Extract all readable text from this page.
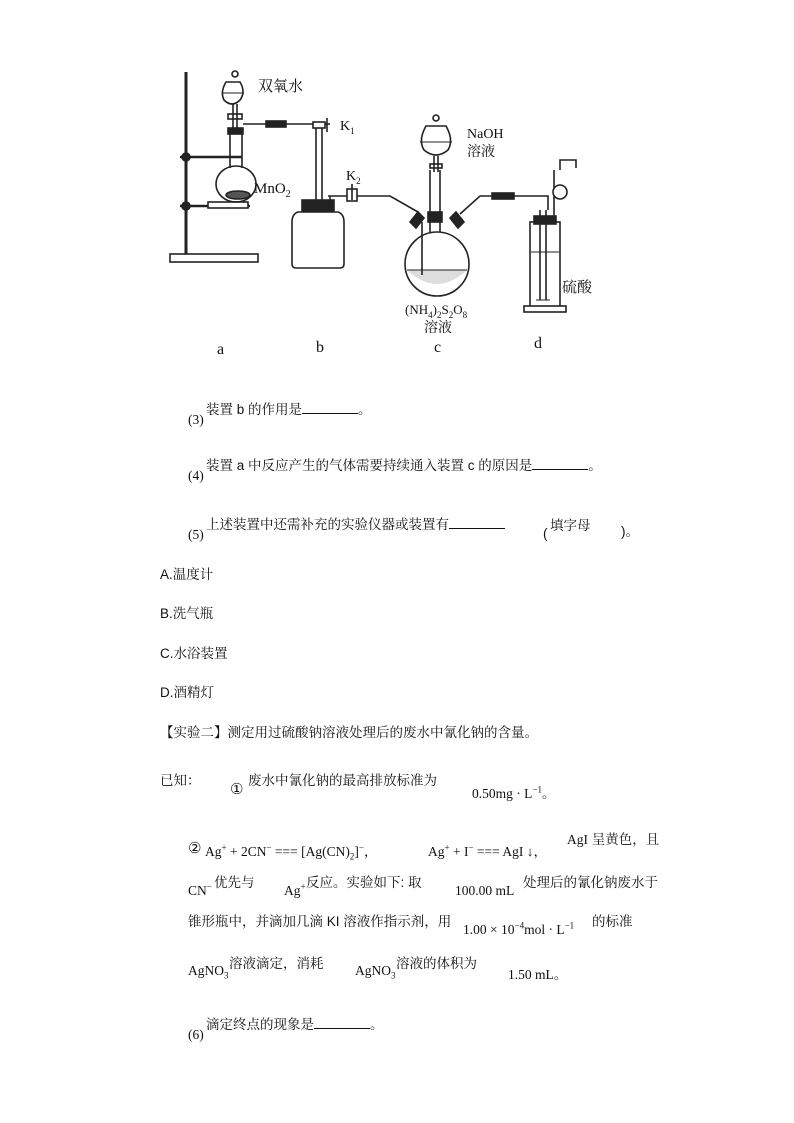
双氧水
MnO$_2$
$K_1$
$K_2$
NaOH
溶液
$(NH_4)_2S_2O_8$
溶液
硫酸
a	b	c	d
(3)
装置 b 的作用是	。
(4)
装置 a 中反应产生的气体需要持续通入装置 c 的原因是	。
(5)
上述装置中还需补充的实验仪器或装置有
(
填字母 )。
A.温度计
B.洗气瓶
C.水浴装置
D.酒精灯
【实验二】测定用过硫酸钠溶液处理后的废水中氰化钠的含量。
已知： ① 废水中氰化钠的最高排放标准为
$0.50mg \cdot L^{-1}$。
② Ag+ + 2CN− === $[Ag(CN)_2]^-$，	Ag+ + I− === AgI ↓，
AgI 呈黄色，且
CN− 优先与
Ag+ 反应。实验如下: 取
100.00 mL
处理后的氰化钠废水于
锥形瓶中，并滴加几滴 KI 溶液作指示剂，用
$1.00 \times 10^{-4}mol \cdot L^{-1}$ 的标准
AgNO$_3$
溶液滴定，消耗 AgNO$_3$
溶液的体积为
1.50 mL。
(6)
滴定终点的现象是	。
